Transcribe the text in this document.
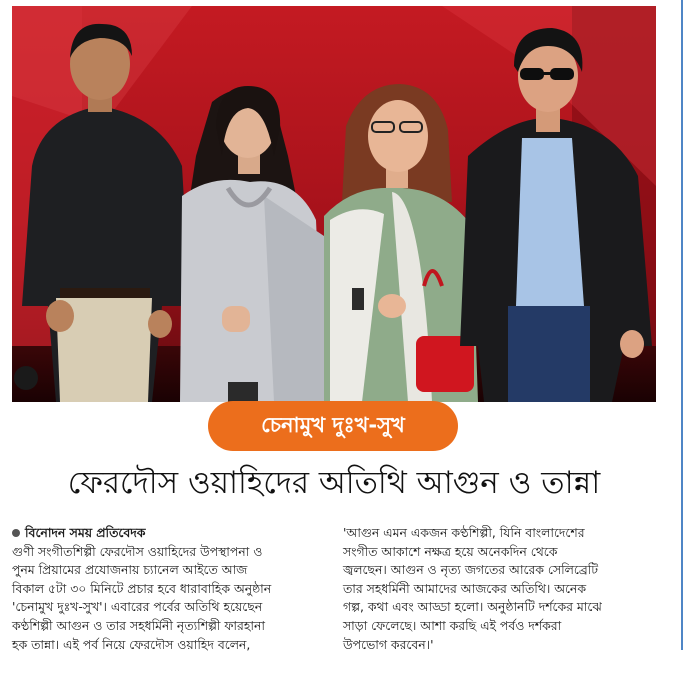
চেনামুখ দুঃখ-সুখ
ফেরদৌস ওয়াহিদের অতিথি আগুন ও তান্না
বিনোদন সময় প্রতিবেদক
গুণী সংগীতশিল্পী ফেরদৌস ওয়াহিদের উপস্থাপনা ও
পুনম প্রিয়ামের প্রযোজনায় চ্যানেল আইতে আজ
বিকাল ৫টা ৩০ মিনিটে প্রচার হবে ধারাবাহিক অনুষ্ঠান
'চেনামুখ দুঃখ-সুখ'। এবারের পর্বের অতিথি হয়েছেন
কণ্ঠশিল্পী আগুন ও তার সহধর্মিনী নৃত্যশিল্পী ফারহানা
হক তান্না। এই পর্ব নিয়ে ফেরদৌস ওয়াহিদ বলেন,
'আগুন এমন একজন কণ্ঠশিল্পী, যিনি বাংলাদেশের
সংগীত আকাশে নক্ষত্র হয়ে অনেকদিন থেকে
জ্বলছেন। আগুন ও নৃত্য জগতের আরেক সেলিব্রেটি
তার সহধর্মিনী আমাদের আজকের অতিথি। অনেক
গল্প, কথা এবং আড্ডা হলো। অনুষ্ঠানটি দর্শকের মাঝে
সাড়া ফেলেছে। আশা করছি এই পর্বও দর্শকরা
উপভোগ করবেন।'
